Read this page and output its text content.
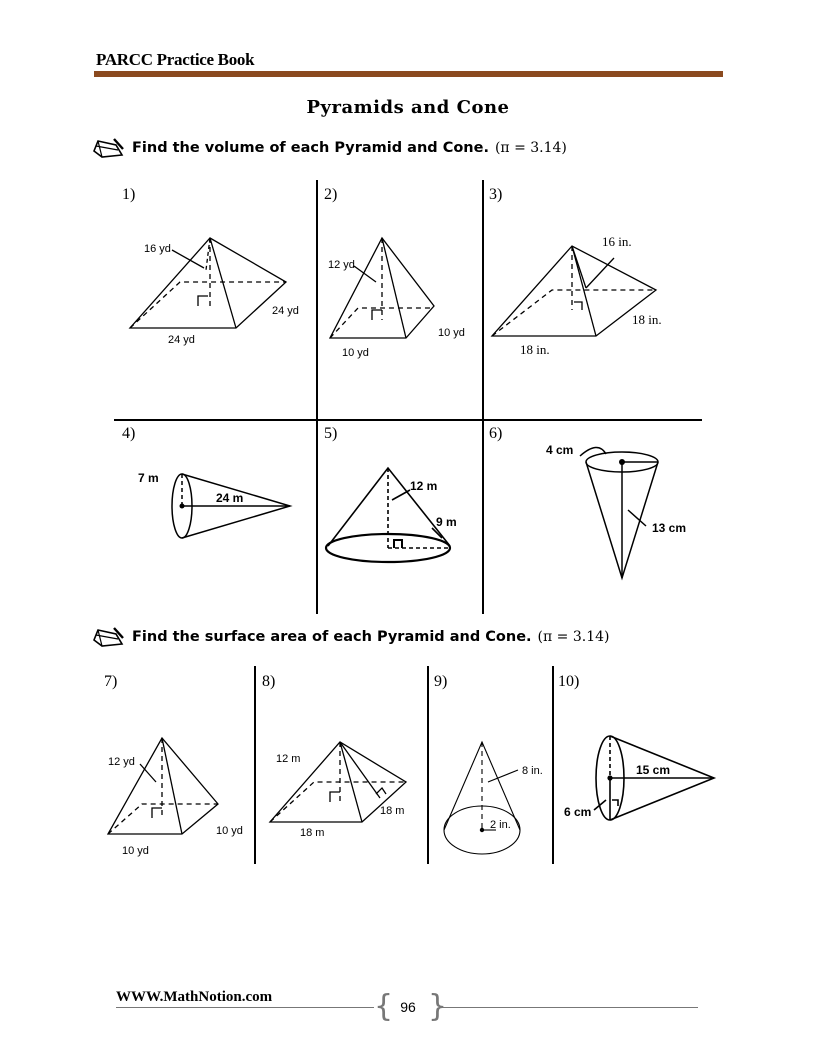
PARCC Practice Book
Pyramids and Cone
Find the volume of each Pyramid and Cone. (π = 3.14)
1)	2)	3)
4)	5)	6)
16 yd
24 yd
24 yd
12 yd
10 yd
10 yd
16 in.
18 in.
18 in.
7 m
24 m
12 m
9 m
4 cm
13 cm
Find the surface area of each Pyramid and Cone. (π = 3.14)
7)	8)	9)	10)
12 yd
10 yd
10 yd
12 m
18 m
18 m
8 in.
2 in.
15 cm
6 cm
WWW.MathNotion.com	{ }
96
